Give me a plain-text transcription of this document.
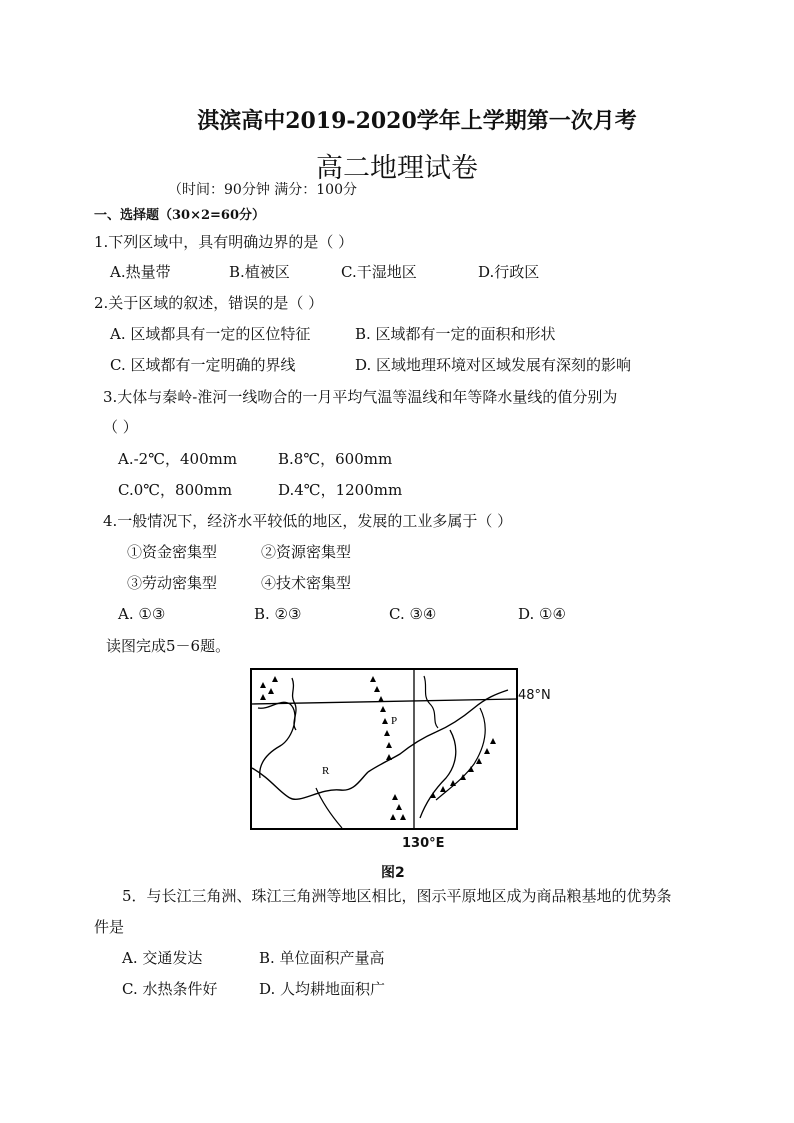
淇滨高中2019-2020学年上学期第一次月考
高二地理试卷
（时间：90分钟 满分：100分
一、选择题（30×2=60分）
1.下列区域中，具有明确边界的是（ ）
A.热量带	B.植被区	C.干湿地区	D.行政区
2.关于区域的叙述，错误的是（ ）
A. 区域都具有一定的区位特征	B. 区域都有一定的面积和形状
C. 区域都有一定明确的界线	D. 区域地理环境对区域发展有深刻的影响
3.大体与秦岭-淮河一线吻合的一月平均气温等温线和年等降水量线的值分别为
（ ）
A.-2℃，400mm	B.8℃，600mm
C.0℃，800mm	D.4℃，1200mm
4.一般情况下，经济水平较低的地区，发展的工业多属于（ ）
①资金密集型	②资源密集型
③劳动密集型	④技术密集型
A. ①③	B. ②③	C. ③④	D. ①④
读图完成5－6题。
P
R
48°N
130°E
图2
5．与长江三角洲、珠江三角洲等地区相比，图示平原地区成为商品粮基地的优势条
件是
A. 交通发达	B. 单位面积产量高
C. 水热条件好	D. 人均耕地面积广
